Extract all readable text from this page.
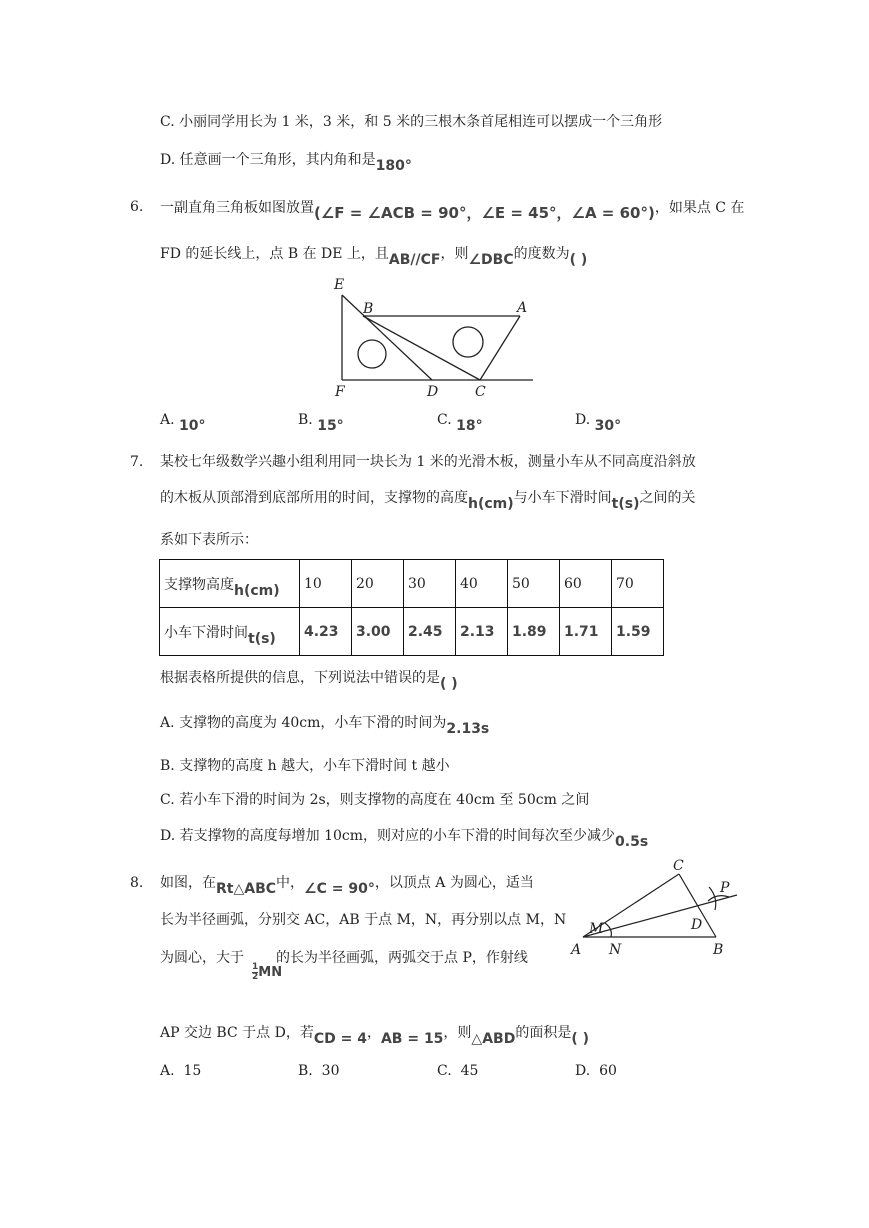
C. 小丽同学用长为 1 米，3 米，和 5 米的三根木条首尾相连可以摆成一个三角形
D. 任意画一个三角形，其内角和是180°
6. 一副直角三角板如图放置(∠F = ∠ACB = 90°，∠E = 45°，∠A = 60°)，如果点 C 在
FD 的延长线上，点 B 在 DE 上，且AB//CF，则∠DBC的度数为( )
E
B	A
F	D	C
A. 10°	B. 15°	C. 18°	D. 30°
7. 某校七年级数学兴趣小组利用同一块长为 1 米的光滑木板，测量小车从不同高度沿斜放
的木板从顶部滑到底部所用的时间，支撑物的高度h(cm)与小车下滑时间t(s)之间的关
系如下表所示：
支撑物高度h(cm)	10	20	30	40	50	60	70
小车下滑时间t(s)	4.23	3.00	2.45	2.13	1.89	1.71	1.59
根据表格所提供的信息，下列说法中错误的是( )
A. 支撑物的高度为 40cm，小车下滑的时间为2.13s
B. 支撑物的高度 h 越大，小车下滑时间 t 越小
C. 若小车下滑的时间为 2s，则支撑物的高度在 40cm 至 50cm 之间
D. 若支撑物的高度每增加 10cm，则对应的小车下滑的时间每次至少减少0.5s
8. 如图，在Rt△ABC中，∠C = 90°，以顶点 A 为圆心，适当
长为半径画弧，分别交 AC，AB 于点 M，N，再分别以点 M，N
为圆心，大于 的长为半径画弧，两弧交于点 P，作射线
$\frac{1}{2}$ MN
AP 交边 BC 于点 D，若CD = 4，AB = 15，则△ABD的面积是( )
C
P
M	D
A N	B
A. 15	B. 30	C. 45	D. 60
